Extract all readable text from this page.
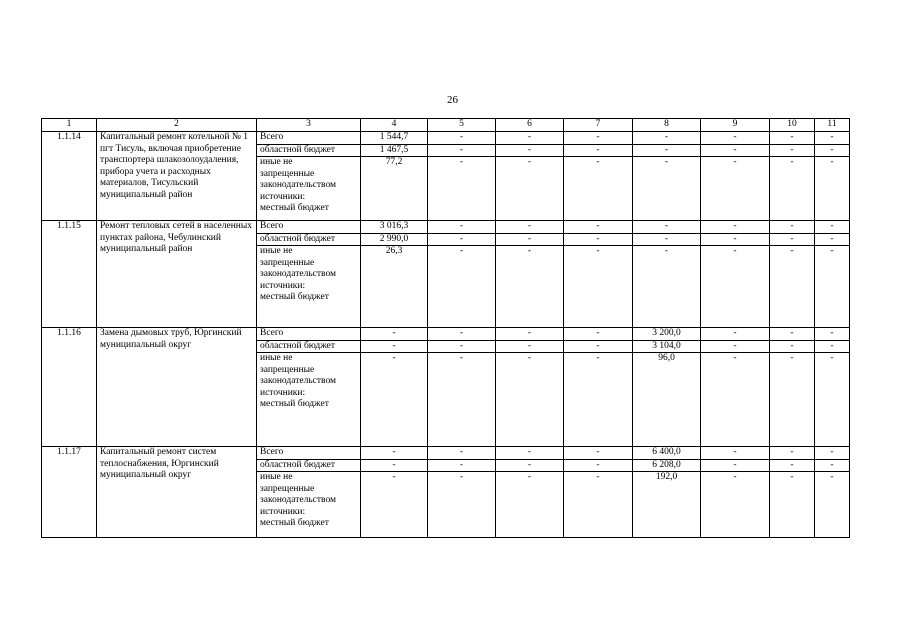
26
1	2	3	4	5	6	7	8	9	10	11
1.1.14	Капитальный ремонт котельной № 1 пгт Тисуль, включая приобретение транспортера шлакозолоудаления, прибора учета и расходных материалов, Тисульский муниципальный район	Всего	1 544,7	-	-	-	-	-	-	-
		областной бюджет	1 467,5	-	-	-	-	-	-	-

		иные не
запрещенные
законодательством
источники:
местный бюджет	77,2	-	-	-	-	-	-	-
1.1.15	Ремонт тепловых сетей в населенных пунктах района, Чебулинский муниципальный район	Всего	3 016,3	-	-	-	-	-	-	-
		областной бюджет	2 990,0	-	-	-	-	-	-	-

		иные не
запрещенные
законодательством
источники:
местный бюджет	26,3	-	-	-	-	-	-	-
1.1.16	Замена дымовых труб, Юргинский муниципальный округ	Всего	-	-	-	-	3 200,0	-	-	-
		областной бюджет	-	-	-	-	3 104,0	-	-	-

		иные не
запрещенные
законодательством
источники:
местный бюджет	-	-	-	-	96,0	-	-	-
1.1.17	Капитальный ремонт систем теплоснабжения, Юргинский муниципальный округ	Всего	-	-	-	-	6 400,0	-	-	-
		областной бюджет	-	-	-	-	6 208,0	-	-	-

		иные не
запрещенные
законодательством
источники:
местный бюджет	-	-	-	-	192,0	-	-	-
